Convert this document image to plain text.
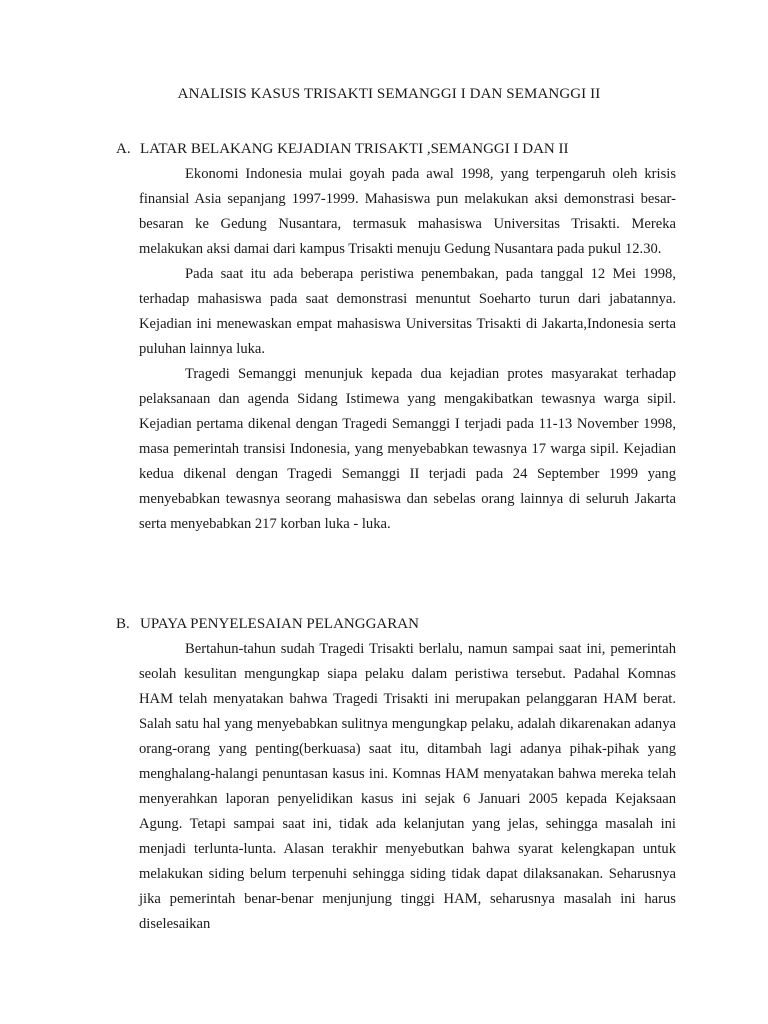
ANALISIS KASUS TRISAKTI SEMANGGI I DAN SEMANGGI II
A. LATAR BELAKANG KEJADIAN TRISAKTI ,SEMANGGI I DAN II

Ekonomi Indonesia mulai goyah pada awal 1998, yang terpengaruh oleh krisis finansial Asia sepanjang 1997-1999. Mahasiswa pun melakukan aksi demonstrasi besar-besaran ke Gedung Nusantara, termasuk mahasiswa Universitas Trisakti. Mereka melakukan aksi damai dari kampus Trisakti menuju Gedung Nusantara pada pukul 12.30.

Pada saat itu ada beberapa peristiwa penembakan, pada tanggal 12 Mei 1998, terhadap mahasiswa pada saat demonstrasi menuntut Soeharto turun dari jabatannya. Kejadian ini menewaskan empat mahasiswa Universitas Trisakti di Jakarta,Indonesia serta puluhan lainnya luka.

Tragedi Semanggi menunjuk kepada dua kejadian protes masyarakat terhadap pelaksanaan dan agenda Sidang Istimewa yang mengakibatkan tewasnya warga sipil. Kejadian pertama dikenal dengan Tragedi Semanggi I terjadi pada 11-13 November 1998, masa pemerintah transisi Indonesia, yang menyebabkan tewasnya 17 warga sipil. Kejadian kedua dikenal dengan Tragedi Semanggi II terjadi pada 24 September 1999 yang menyebabkan tewasnya seorang mahasiswa dan sebelas orang lainnya di seluruh Jakarta serta menyebabkan 217 korban luka - luka.

B. UPAYA PENYELESAIAN PELANGGARAN

Bertahun-tahun sudah Tragedi Trisakti berlalu, namun sampai saat ini, pemerintah seolah kesulitan mengungkap siapa pelaku dalam peristiwa tersebut. Padahal Komnas HAM telah menyatakan bahwa Tragedi Trisakti ini merupakan pelanggaran HAM berat. Salah satu hal yang menyebabkan sulitnya mengungkap pelaku, adalah dikarenakan adanya orang-orang yang penting(berkuasa) saat itu, ditambah lagi adanya pihak-pihak yang menghalang-halangi penuntasan kasus ini. Komnas HAM menyatakan bahwa mereka telah menyerahkan laporan penyelidikan kasus ini sejak 6 Januari 2005 kepada Kejaksaan Agung. Tetapi sampai saat ini, tidak ada kelanjutan yang jelas, sehingga masalah ini menjadi terlunta-lunta. Alasan terakhir menyebutkan bahwa syarat kelengkapan untuk melakukan siding belum terpenuhi sehingga siding tidak dapat dilaksanakan. Seharusnya jika pemerintah benar-benar menjunjung tinggi HAM, seharusnya masalah ini harus diselesaikan
